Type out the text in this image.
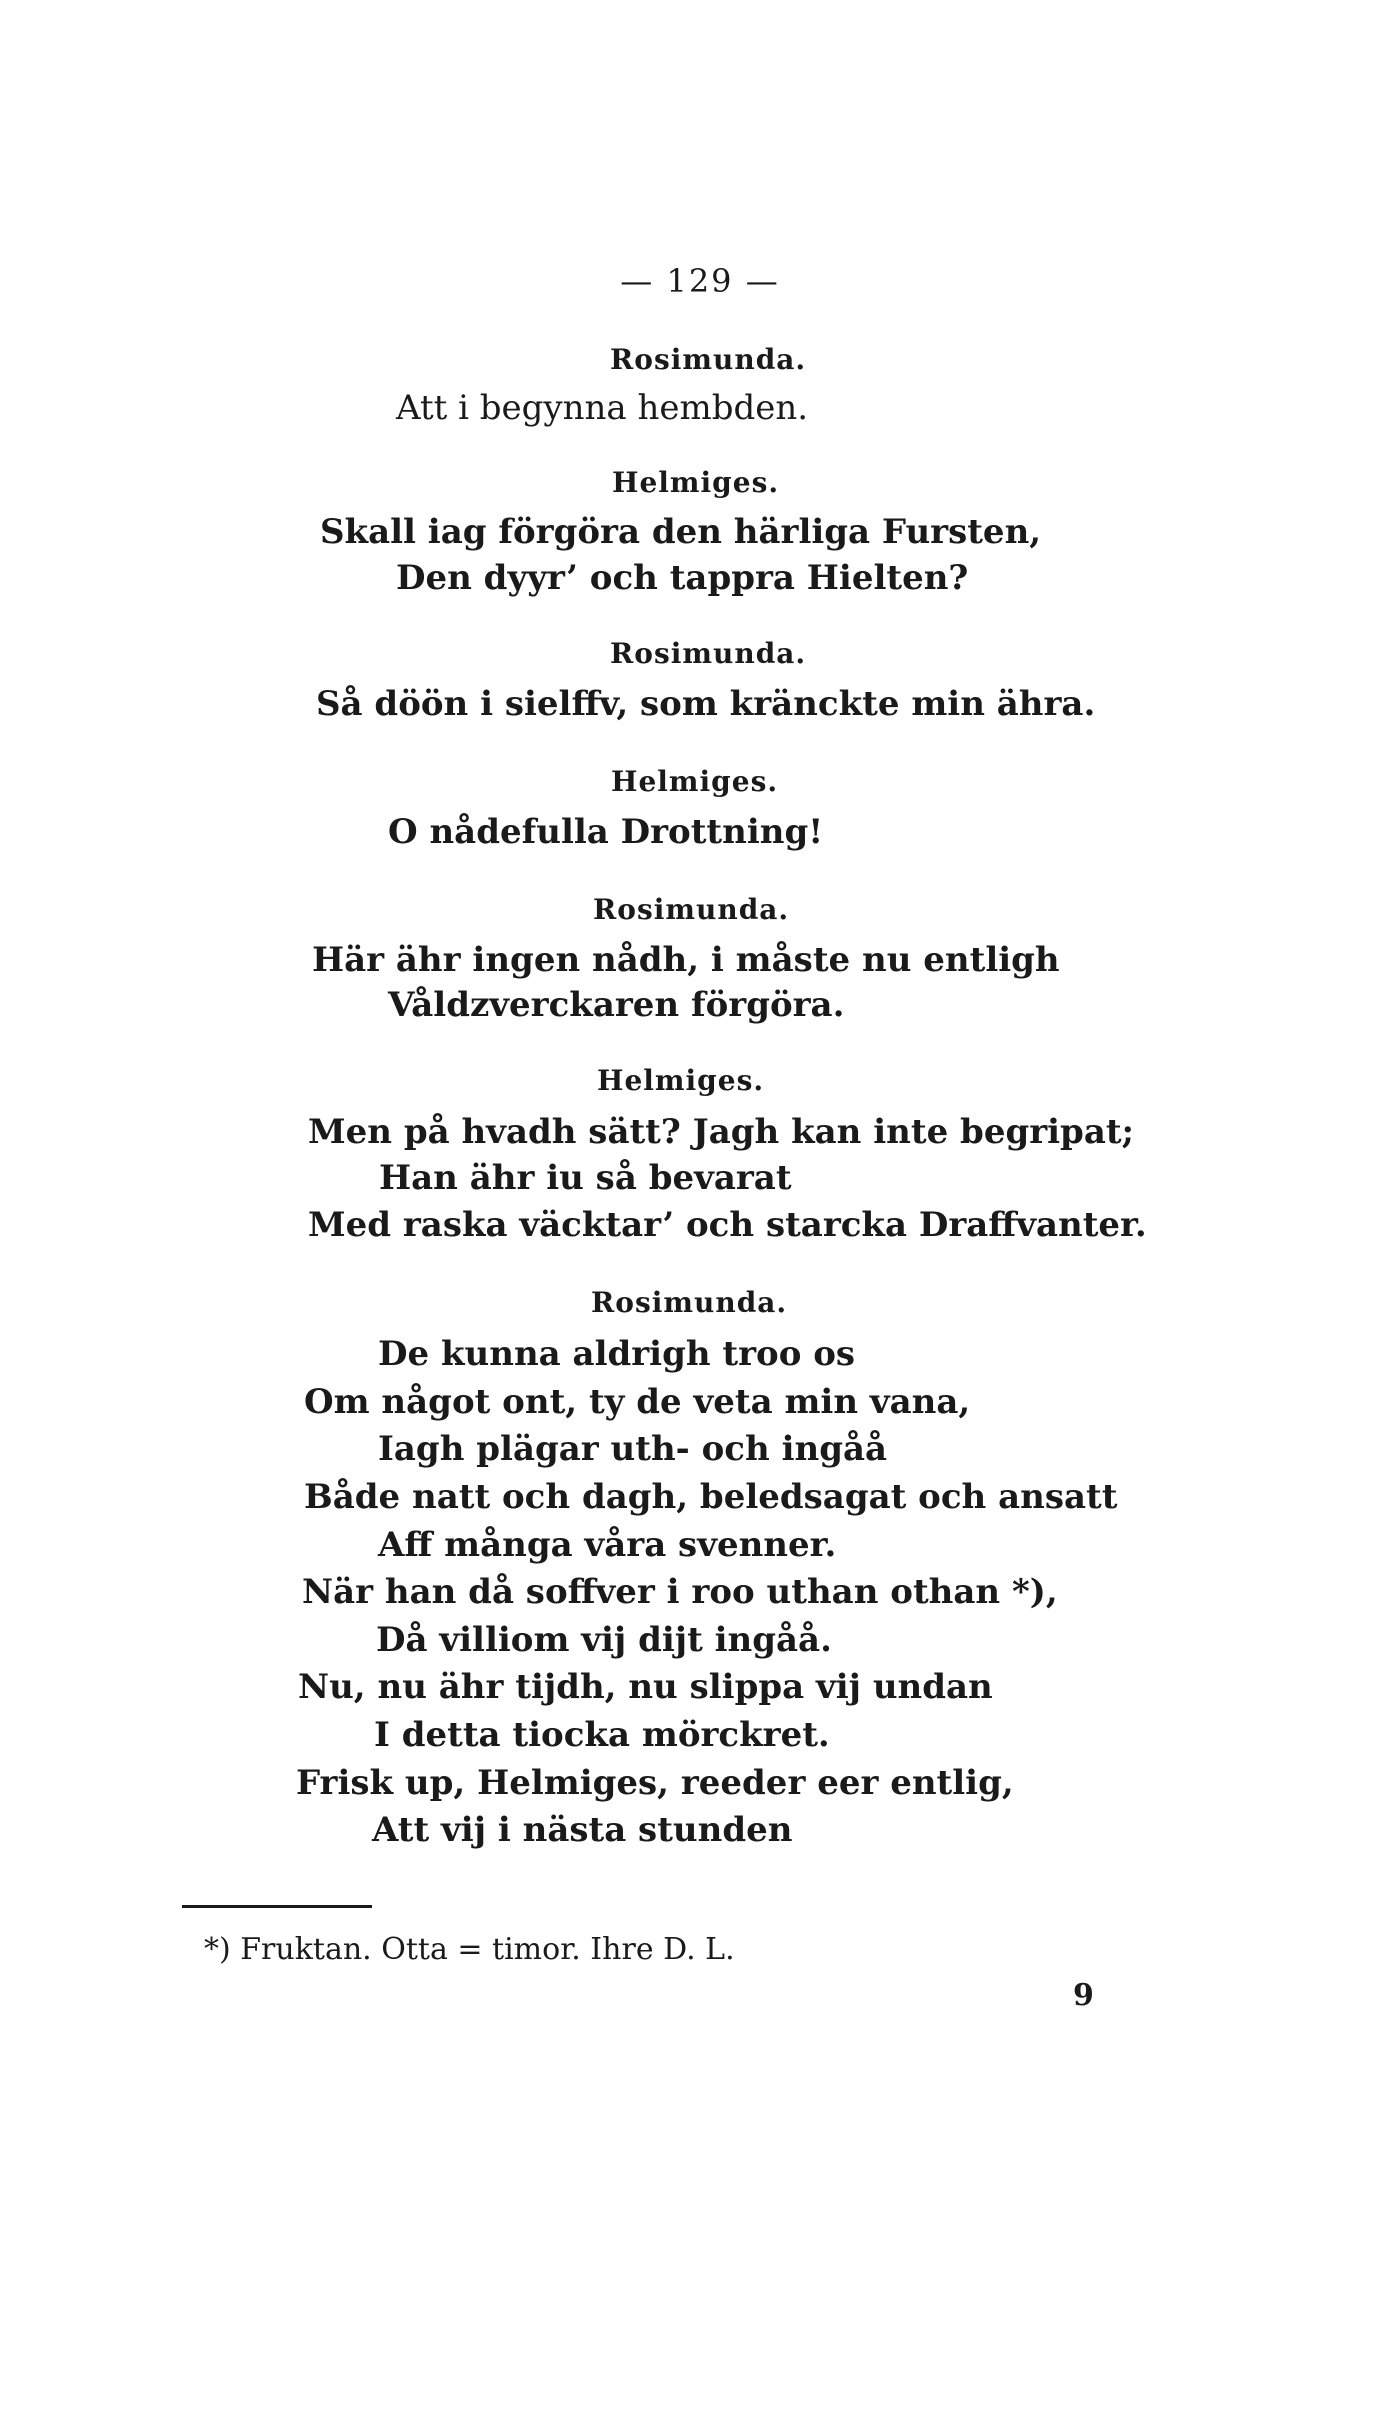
— 129 —
Rosimunda.
Att i begynna hembden.
Helmiges.
Skall iag förgöra den härliga Fursten,
Den dyyr’ och tappra Hielten?
Rosimunda.
Så döön i sielffv, som kränckte min ähra.
Helmiges.
O nådefulla Drottning!
Rosimunda.
Här ähr ingen nådh, i måste nu entligh
Våldzverckaren förgöra.
Helmiges.
Men på hvadh sätt? Jagh kan inte begripat;
Han ähr iu så bevarat
Med raska väcktar’ och starcka Draffvanter.
Rosimunda.
De kunna aldrigh troo os
Om något ont, ty de veta min vana,
Iagh plägar uth- och ingåå
Både natt och dagh, beledsagat och ansatt
Aff många våra svenner.
När han då soffver i roo uthan othan *),
Då villiom vij dijt ingåå.
Nu, nu ähr tijdh, nu slippa vij undan
I detta tiocka mörckret.
Frisk up, Helmiges, reeder eer entlig,
Att vij i nästa stunden
*) Fruktan. Otta = timor. Ihre D. L.
9
